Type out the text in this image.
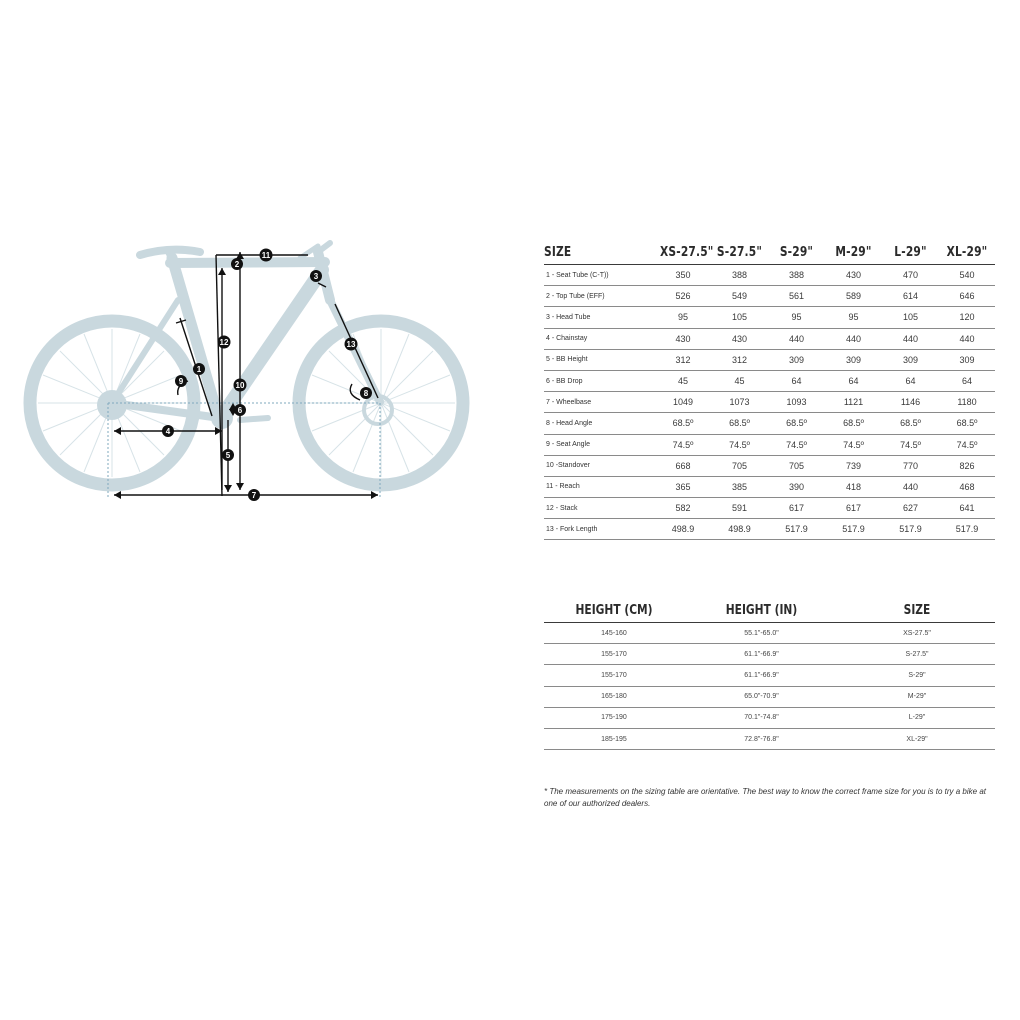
1
2
3
4
5
6
7
8
9	10
11
12	13
SIZE	XS-27.5"	S-27.5"	S-29"	M-29"	L-29"	XL-29"
1 - Seat Tube (C-T))	350	388	388	430	470	540
2 - Top Tube (EFF)	526	549	561	589	614	646
3 - Head Tube	95	105	95	95	105	120
4 - Chainstay	430	430	440	440	440	440
5 - BB Height	312	312	309	309	309	309
6 - BB Drop	45	45	64	64	64	64
7 - Wheelbase	1049	1073	1093	1121	1146	1180
8 - Head Angle	68.5º	68.5º	68.5º	68.5º	68.5º	68.5º
9 - Seat Angle	74.5º	74.5º	74.5º	74.5º	74.5º	74.5º
10 -Standover	668	705	705	739	770	826
11 - Reach	365	385	390	418	440	468
12 - Stack	582	591	617	617	627	641
13 - Fork Length	498.9	498.9	517.9	517.9	517.9	517.9
HEIGHT (CM)	HEIGHT (IN)	SIZE
145-160	55.1"-65.0"	XS-27.5"
155-170	61.1"-66.9"	S-27.5"
155-170	61.1"-66.9"	S-29"
165-180	65.0"-70.9"	M-29"
175-190	70.1"-74.8"	L-29"
185-195	72.8"-76.8"	XL-29"
* The measurements on the sizing table are orientative. The best way to know the correct frame size for you is to try a bike at one of our authorized dealers.
